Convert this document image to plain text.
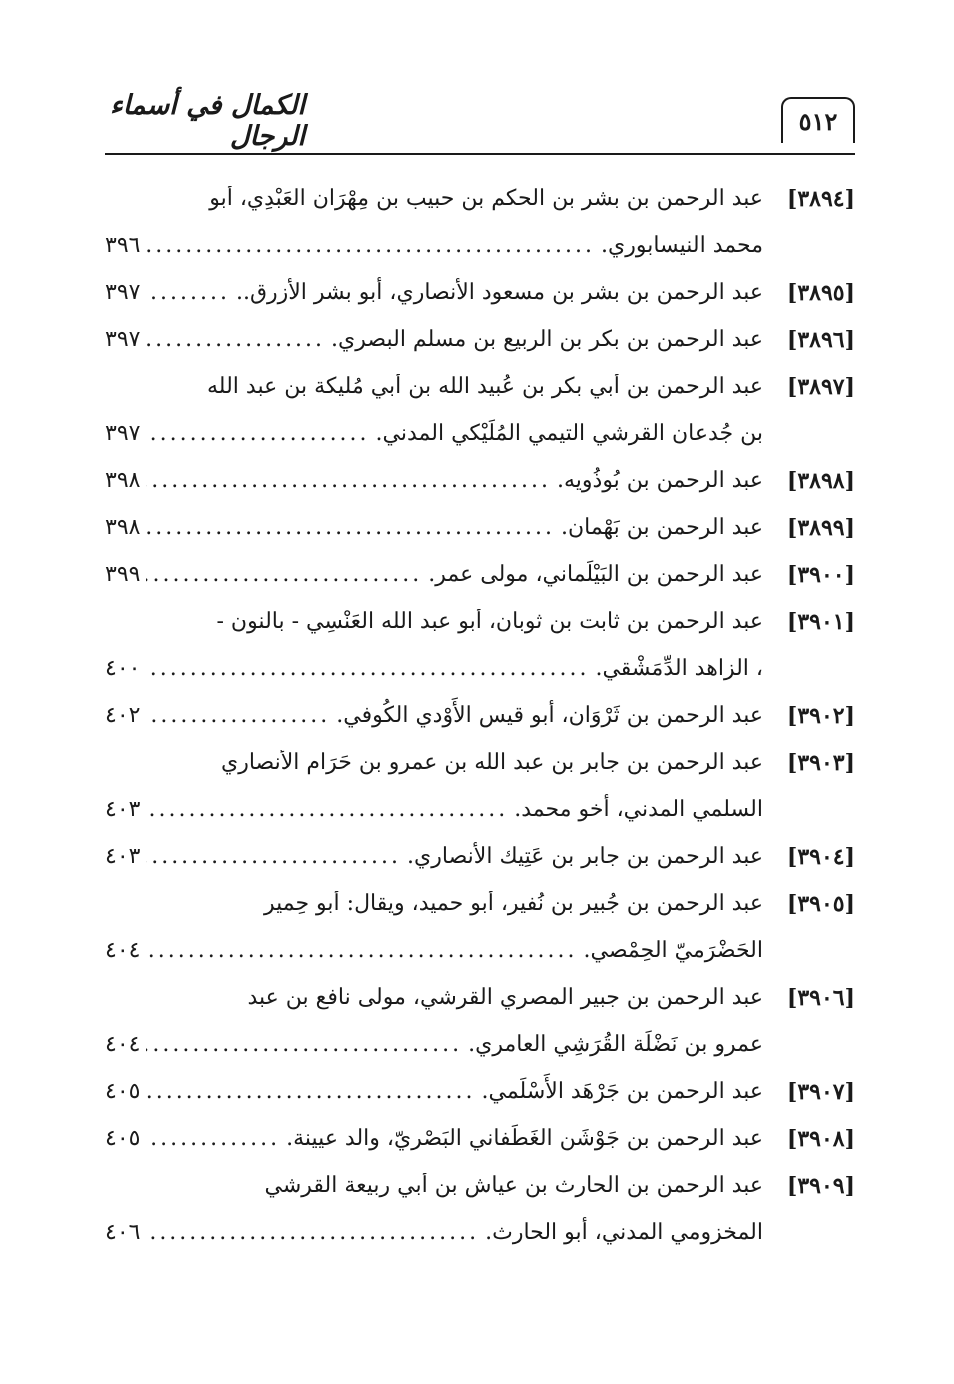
الكمال في أسماء الرجال	٥١٢
[٣٨٩٤]
عبد الرحمن بن بشر بن الحكم بن حبيب بن مِهْرَان العَبْدِي، أبو
محمد النيسابوري.
.....
٣٩٦
[٣٨٩٥]
عبد الرحمن بن بشر بن مسعود الأنصاري، أبو بشر الأزرق..
.....
٣٩٧
[٣٨٩٦]
عبد الرحمن بن بكر بن الربيع بن مسلم البصري.
.....
٣٩٧
[٣٨٩٧]
عبد الرحمن بن أبي بكر بن عُبيد الله بن أبي مُليكة بن عبد الله
بن جُدعان القرشي التيمي المُلَيْكي المدني.
.....
٣٩٧
[٣٨٩٨]
عبد الرحمن بن بُوذُويه.
.....
٣٩٨
[٣٨٩٩]
عبد الرحمن بن بَهْمان.
.....
٣٩٨
[٣٩٠٠]
عبد الرحمن بن البَيْلَماني، مولى عمر.
.....
٣٩٩
[٣٩٠١]
عبد الرحمن بن ثابت بن ثوبان، أبو عبد الله العَنْسِي - بالنون -
، الزاهد الدِّمَشْقي.
.....
٤٠٠
[٣٩٠٢]
عبد الرحمن بن ثَرْوَان، أبو قيس الأَوْدي الكُوفي.
.....
٤٠٢
[٣٩٠٣]
عبد الرحمن بن جابر بن عبد الله بن عمرو بن حَرَام الأنصاري
السلمي المدني، أخو محمد.
.....
٤٠٣
[٣٩٠٤]
عبد الرحمن بن جابر بن عَتِيك الأنصاري.
.....
٤٠٣
[٣٩٠٥]
عبد الرحمن بن جُبير بن نُفير، أبو حميد، ويقال: أبو حِمير
الحَضْرَميّ الحِمْصي.
.....
٤٠٤
[٣٩٠٦]
عبد الرحمن بن جبير المصري القرشي، مولى نافع بن عبد
عمرو بن نَضْلَة القُرَشِي العامري.
.....
٤٠٤
[٣٩٠٧]
عبد الرحمن بن جَرْهَد الأَسْلَمي.
.....
٤٠٥
[٣٩٠٨]
عبد الرحمن بن جَوْشَن الغَطَفاني البَصْريّ، والد عيينة.
.....
٤٠٥
[٣٩٠٩]
عبد الرحمن بن الحارث بن عياش بن أبي ربيعة القرشي
المخزومي المدني، أبو الحارث.
.....
٤٠٦
